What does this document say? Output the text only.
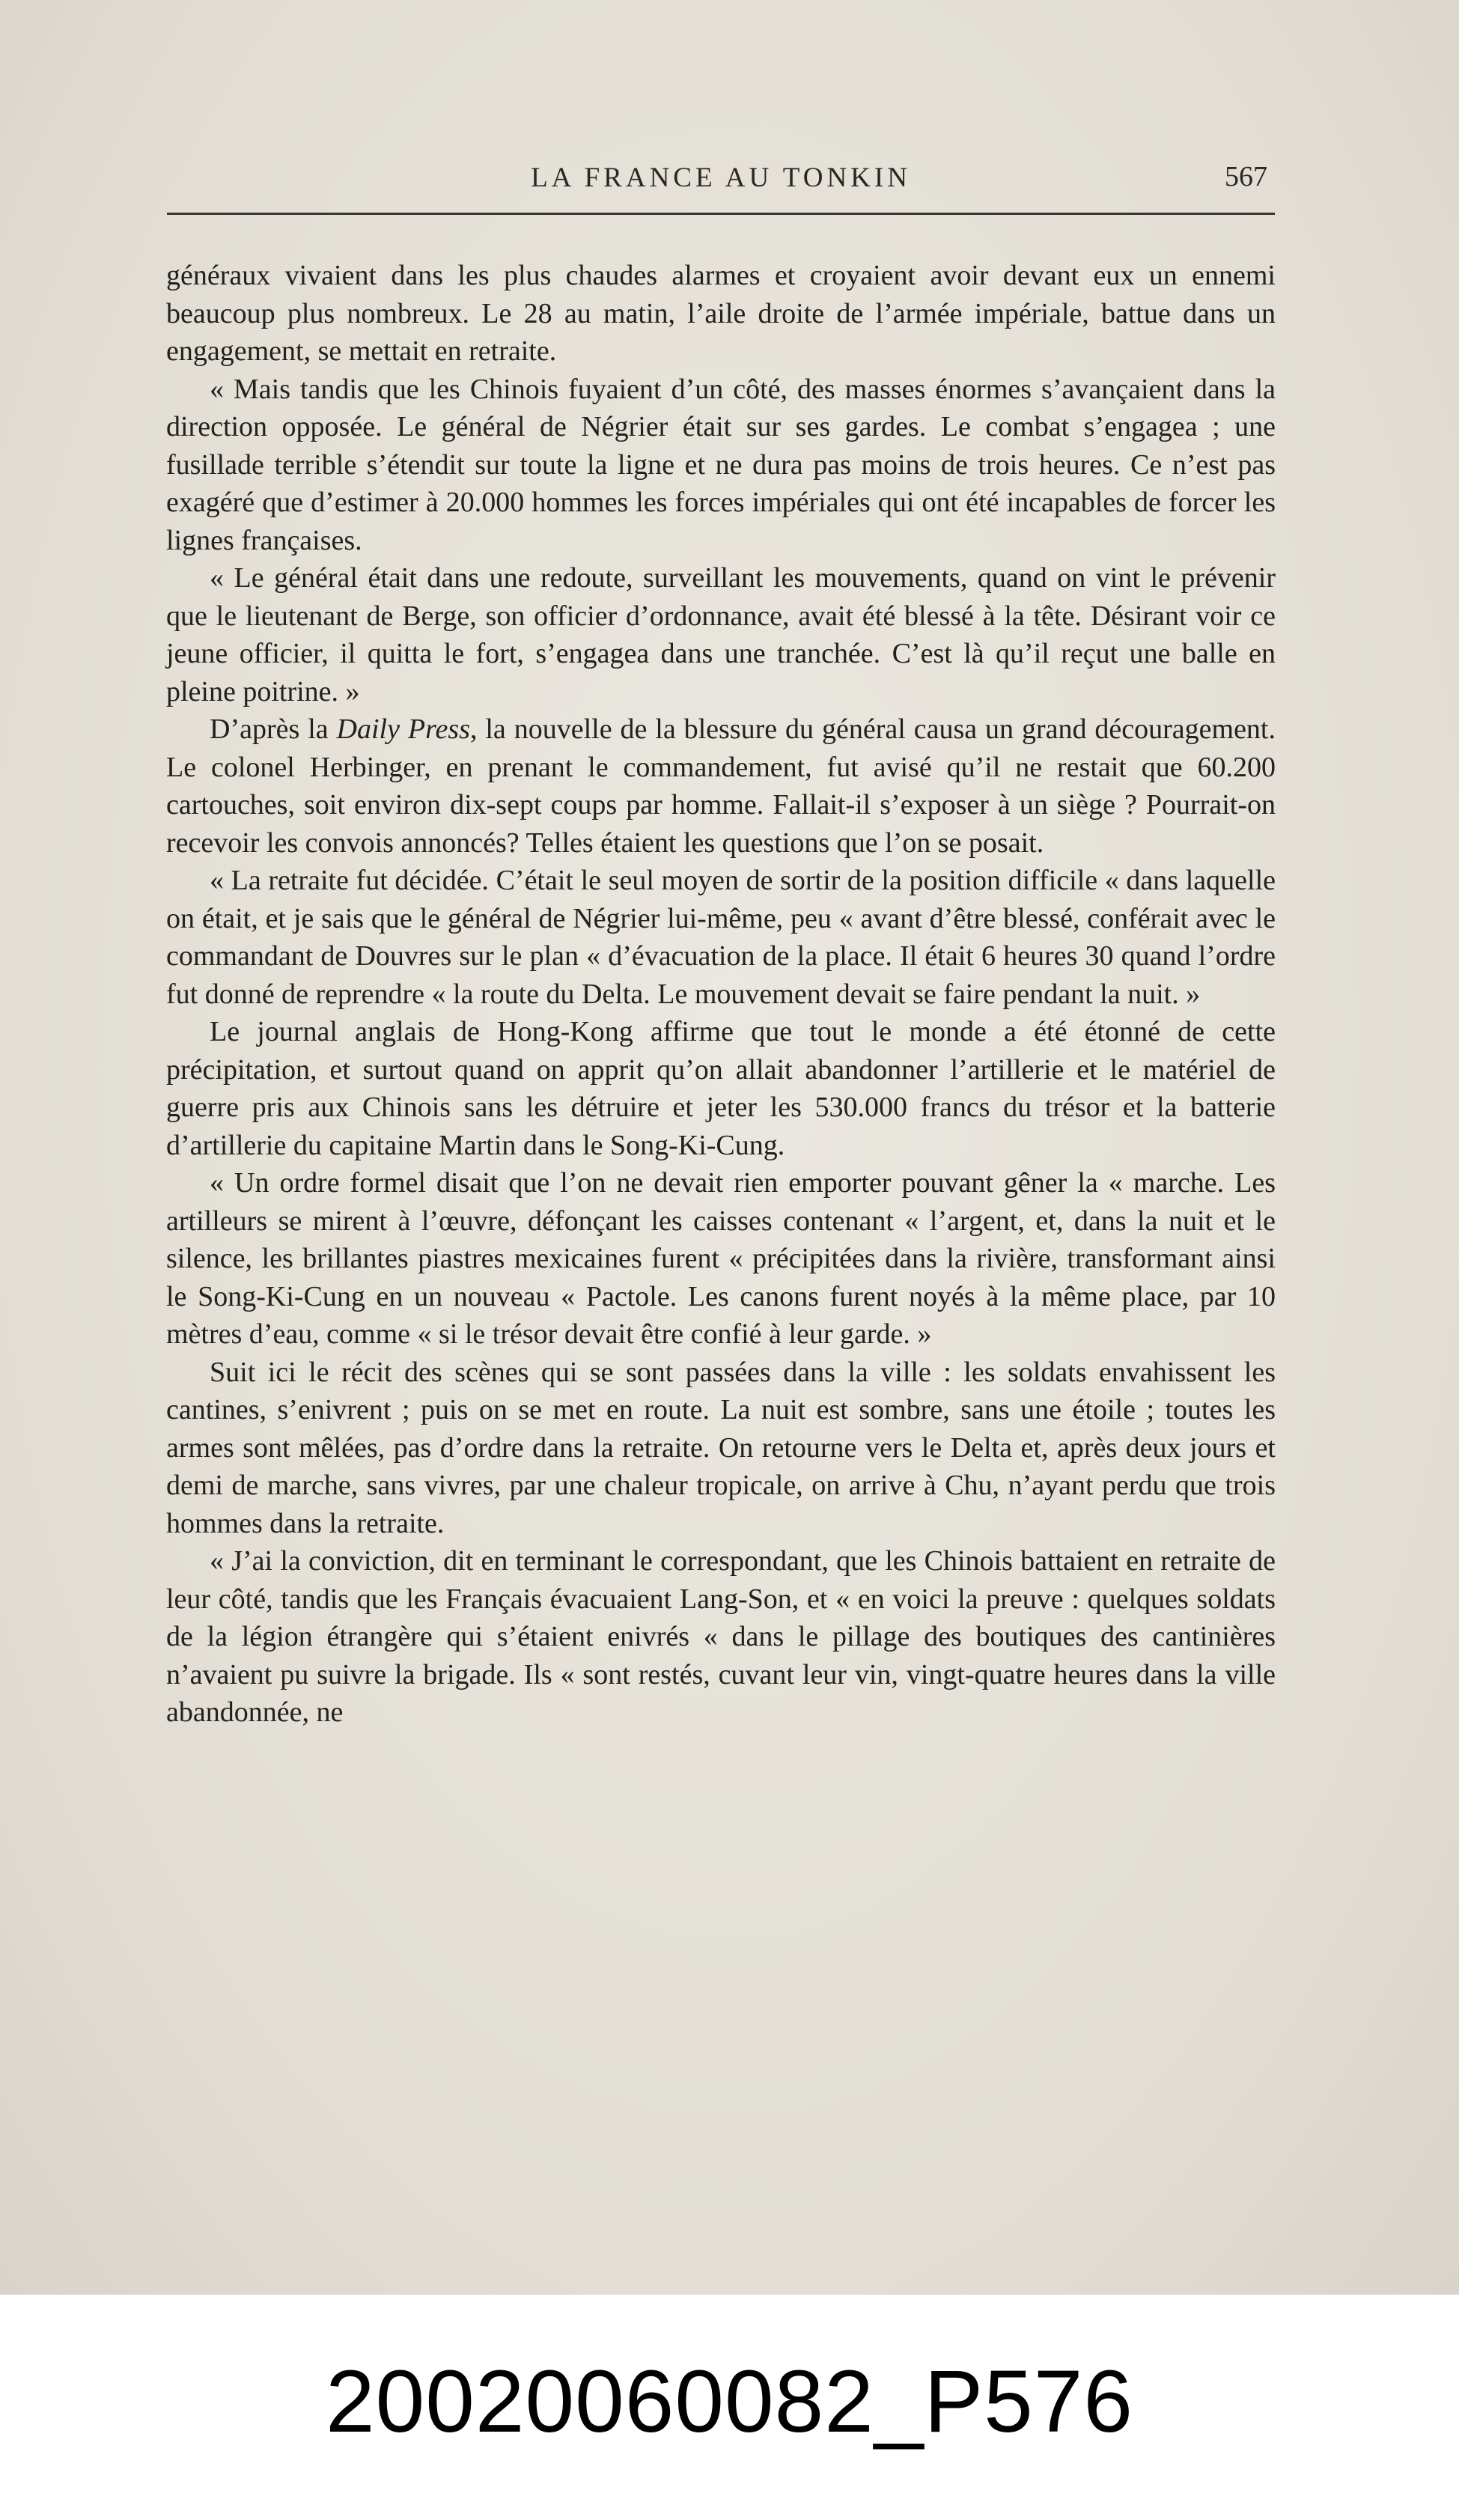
LA FRANCE AU TONKIN	567

généraux vivaient dans les plus chaudes alarmes et croyaient avoir devant eux un ennemi beaucoup plus nombreux. Le 28 au matin, l’aile droite de l’armée impériale, battue dans un engagement, se mettait en retraite.

« Mais tandis que les Chinois fuyaient d’un côté, des masses énormes s’avançaient dans la direction opposée. Le général de Négrier était sur ses gardes. Le combat s’engagea ; une fusillade terrible s’étendit sur toute la ligne et ne dura pas moins de trois heures. Ce n’est pas exagéré que d’estimer à 20.000 hommes les forces impériales qui ont été incapables de forcer les lignes françaises.

« Le général était dans une redoute, surveillant les mouvements, quand on vint le prévenir que le lieutenant de Berge, son officier d’ordonnance, avait été blessé à la tête. Désirant voir ce jeune officier, il quitta le fort, s’engagea dans une tranchée. C’est là qu’il reçut une balle en pleine poitrine. »

D’après la Daily Press, la nouvelle de la blessure du général causa un grand découragement. Le colonel Herbinger, en prenant le commandement, fut avisé qu’il ne restait que 60.200 cartouches, soit environ dix-sept coups par homme. Fallait-il s’exposer à un siège ? Pourrait-on recevoir les convois annoncés? Telles étaient les questions que l’on se posait.

« La retraite fut décidée. C’était le seul moyen de sortir de la position difficile « dans laquelle on était, et je sais que le général de Négrier lui-même, peu « avant d’être blessé, conférait avec le commandant de Douvres sur le plan « d’évacuation de la place. Il était 6 heures 30 quand l’ordre fut donné de reprendre « la route du Delta. Le mouvement devait se faire pendant la nuit. »

Le journal anglais de Hong-Kong affirme que tout le monde a été étonné de cette précipitation, et surtout quand on apprit qu’on allait abandonner l’artillerie et le matériel de guerre pris aux Chinois sans les détruire et jeter les 530.000 francs du trésor et la batterie d’artillerie du capitaine Martin dans le Song-Ki-Cung.

« Un ordre formel disait que l’on ne devait rien emporter pouvant gêner la « marche. Les artilleurs se mirent à l’œuvre, défonçant les caisses contenant « l’argent, et, dans la nuit et le silence, les brillantes piastres mexicaines furent « précipitées dans la rivière, transformant ainsi le Song-Ki-Cung en un nouveau « Pactole. Les canons furent noyés à la même place, par 10 mètres d’eau, comme « si le trésor devait être confié à leur garde. »

Suit ici le récit des scènes qui se sont passées dans la ville : les soldats envahissent les cantines, s’enivrent ; puis on se met en route. La nuit est sombre, sans une étoile ; toutes les armes sont mêlées, pas d’ordre dans la retraite. On retourne vers le Delta et, après deux jours et demi de marche, sans vivres, par une chaleur tropicale, on arrive à Chu, n’ayant perdu que trois hommes dans la retraite.

« J’ai la conviction, dit en terminant le correspondant, que les Chinois battaient en retraite de leur côté, tandis que les Français évacuaient Lang-Son, et « en voici la preuve : quelques soldats de la légion étrangère qui s’étaient enivrés « dans le pillage des boutiques des cantinières n’avaient pu suivre la brigade. Ils « sont restés, cuvant leur vin, vingt-quatre heures dans la ville abandonnée, ne

20020060082_P576
